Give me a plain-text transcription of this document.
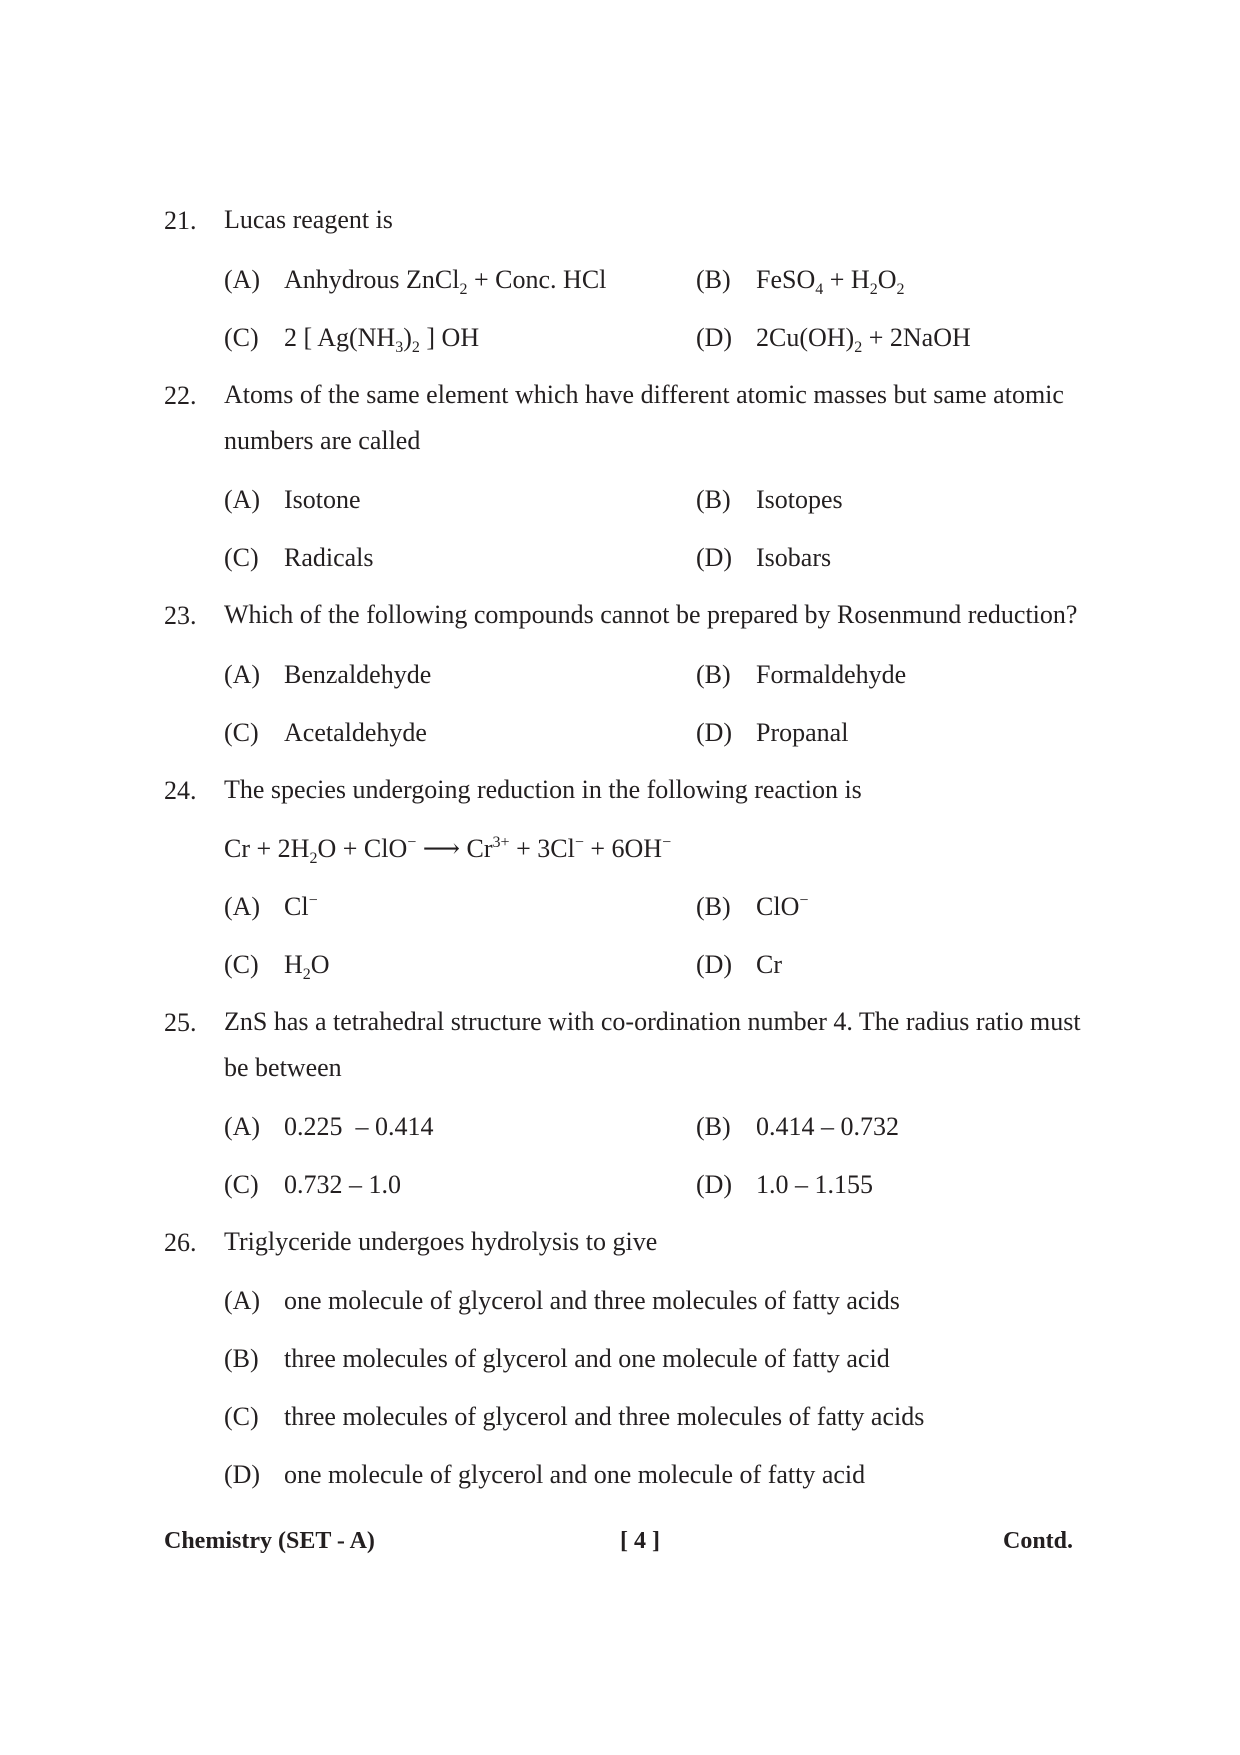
21. Lucas reagent is
(A) Anhydrous ZnCl$_2$ + Conc. HCl	(B) FeSO$_4$ + $H_2O_2$
(C) 2 [ $Ag(NH_3)_2$ ] OH	(D) $2Cu(OH)_2$ + 2NaOH
22. Atoms of the same element which have different atomic masses but same atomic numbers are called
(A) Isotone	(B) Isotopes
(C) Radicals	(D) Isobars
23. Which of the following compounds cannot be prepared by Rosenmund reduction?
(A) Benzaldehyde	(B) Formaldehyde
(C) Acetaldehyde	(D) Propanal
24. The species undergoing reduction in the following reaction is
$Cr + 2H_2O + ClO^-$ ⟶ $Cr^{3+} + 3Cl^- + 6OH^-$
(A) Cl−	(B) ClO−
(C) $H_2O$	(D) Cr
25. ZnS has a tetrahedral structure with co-ordination number 4. The radius ratio must be between
(A) 0.225  – 0.414	(B) 0.414 – 0.732
(C) 0.732 – 1.0	(D) 1.0 – 1.155
26. Triglyceride undergoes hydrolysis to give
(A) one molecule of glycerol and three molecules of fatty acids
(B) three molecules of glycerol and one molecule of fatty acid
(C) three molecules of glycerol and three molecules of fatty acids
(D) one molecule of glycerol and one molecule of fatty acid
Chemistry (SET - A)	[ 4 ]	Contd.
